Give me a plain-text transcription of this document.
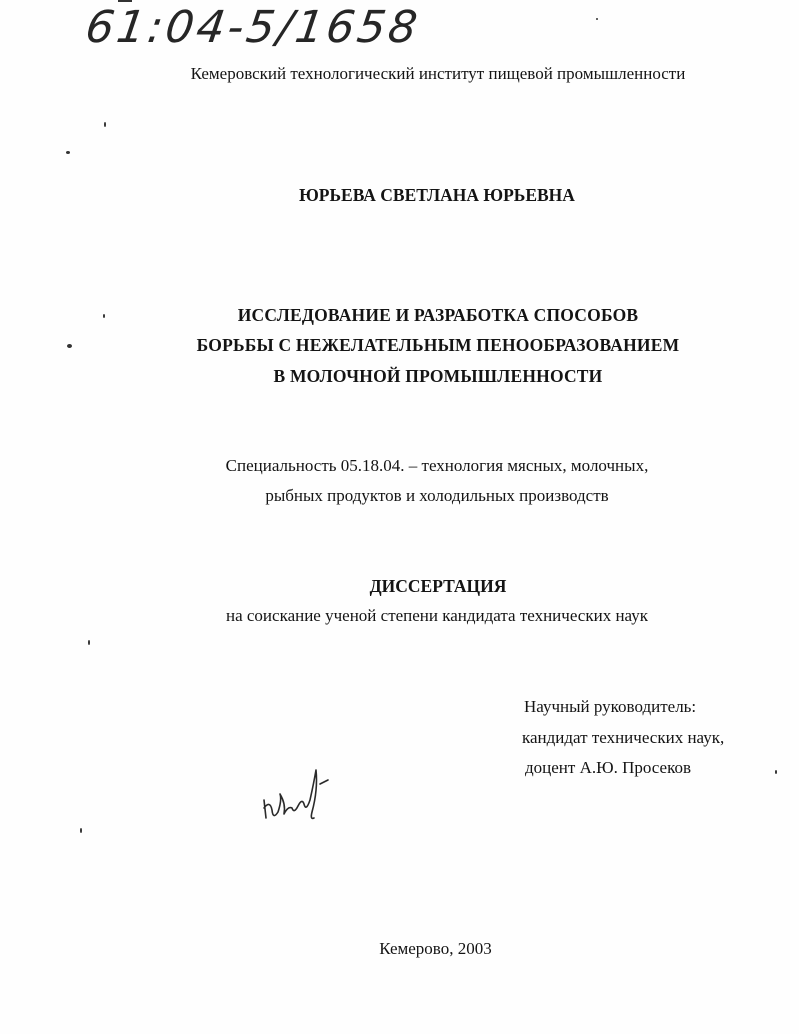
61:04-5/1658
Кемеровский технологический институт пищевой промышленности
ЮРЬЕВА СВЕТЛАНА ЮРЬЕВНА
ИССЛЕДОВАНИЕ И РАЗРАБОТКА СПОСОБОВ
БОРЬБЫ С НЕЖЕЛАТЕЛЬНЫМ ПЕНООБРАЗОВАНИЕМ
В МОЛОЧНОЙ ПРОМЫШЛЕННОСТИ
Специальность 05.18.04. – технология мясных, молочных,
рыбных продуктов и холодильных производств
ДИССЕРТАЦИЯ
на соискание ученой степени кандидата технических наук
Научный руководитель:
кандидат технических наук,
доцент А.Ю. Просеков
Кемерово, 2003
